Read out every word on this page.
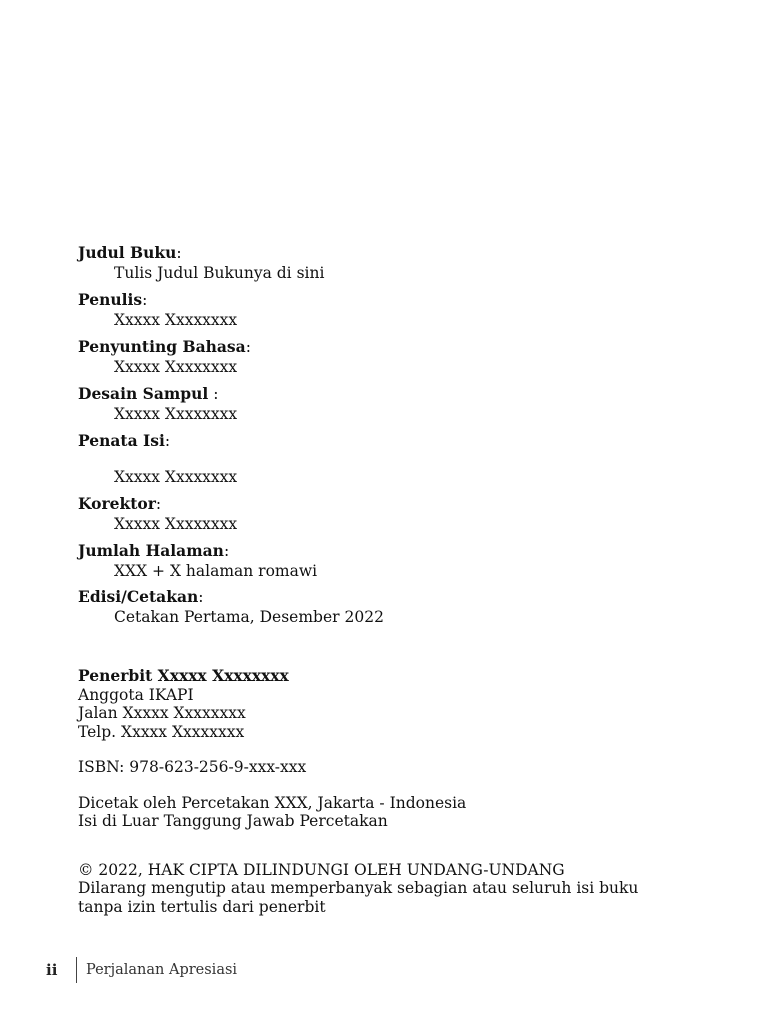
Judul Buku:
Tulis Judul Bukunya di sini
Penulis:
Xxxxx Xxxxxxxx
Penyunting Bahasa:
Xxxxx Xxxxxxxx
Desain Sampul :
Xxxxx Xxxxxxxx
Penata Isi:
Xxxxx Xxxxxxxx
Korektor:
Xxxxx Xxxxxxxx
Jumlah Halaman:
XXX + X halaman romawi
Edisi/Cetakan:
Cetakan Pertama, Desember 2022
Penerbit Xxxxx Xxxxxxxx
Anggota IKAPI
Jalan Xxxxx Xxxxxxxx
Telp. Xxxxx Xxxxxxxx
ISBN: 978-623-256-9-xxx-xxx
Dicetak oleh Percetakan XXX, Jakarta - Indonesia
Isi di Luar Tanggung Jawab Percetakan
© 2022, HAK CIPTA DILINDUNGI OLEH UNDANG-UNDANG
Dilarang mengutip atau memperbanyak sebagian atau seluruh isi buku
tanpa izin tertulis dari penerbit
ii	Perjalanan Apresiasi
